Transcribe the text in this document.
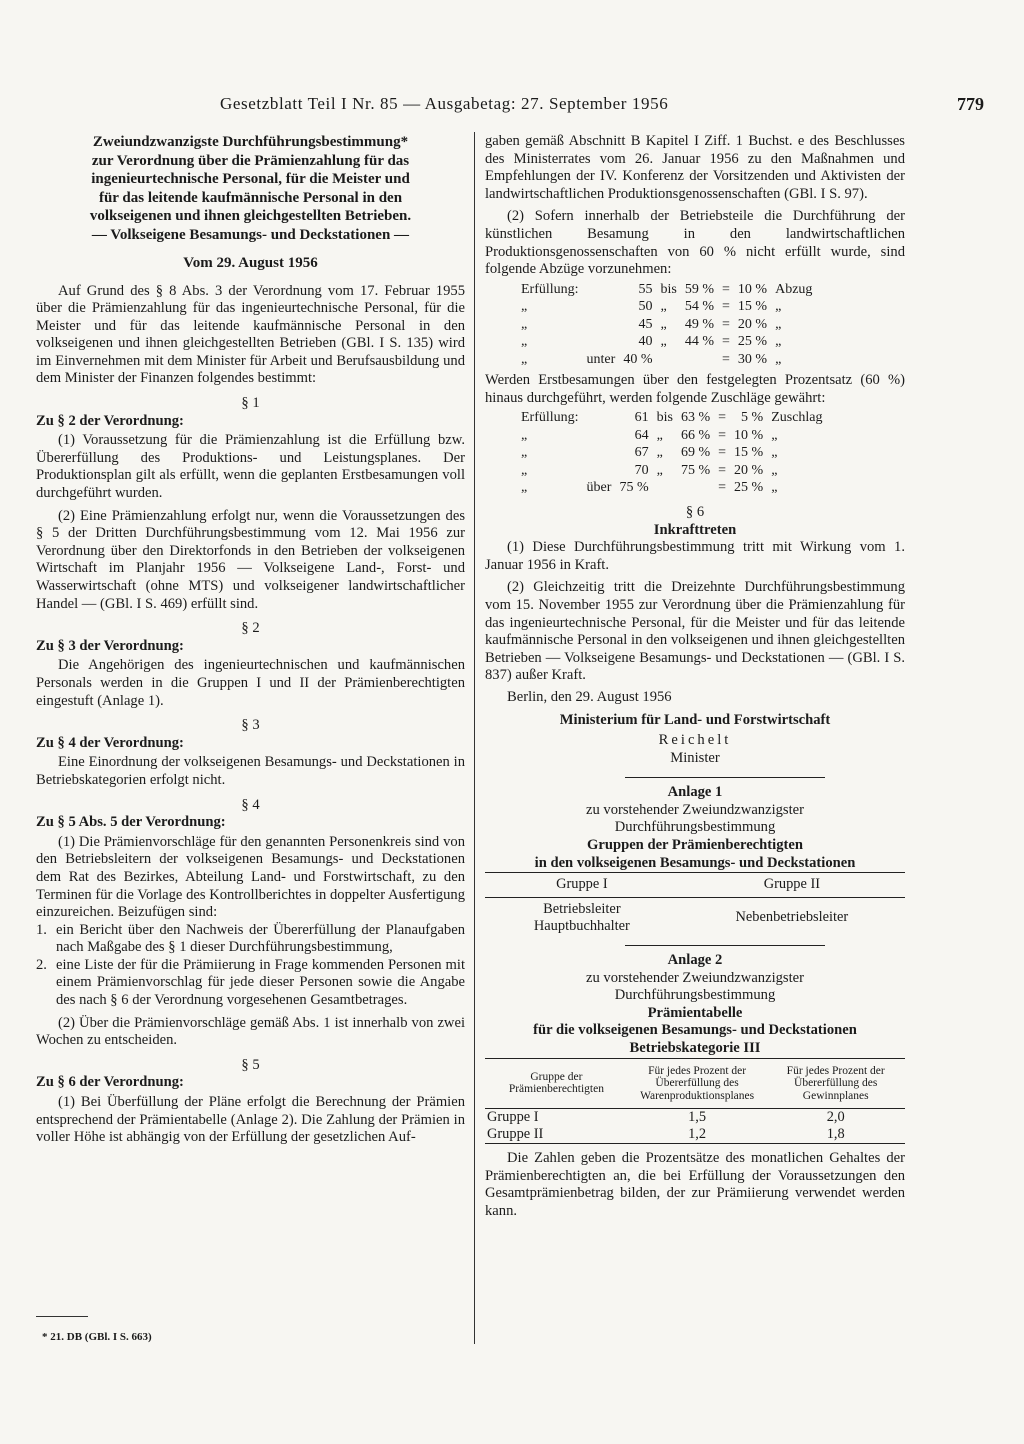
Gesetzblatt Teil I Nr. 85 — Ausgabetag: 27. September 1956	779
Zweiundzwanzigste Durchführungsbestimmung*
zur Verordnung über die Prämienzahlung für das
ingenieurtechnische Personal, für die Meister und
für das leitende kaufmännische Personal in den
volkseigenen und ihnen gleichgestellten Betrieben.
— Volkseigene Besamungs- und Deckstationen —
Vom 29. August 1956

Auf Grund des § 8 Abs. 3 der Verordnung vom 17. Februar 1955 über die Prämienzahlung für das ingenieurtechnische Personal, für die Meister und für das leitende kaufmännische Personal in den volkseigenen und ihnen gleichgestellten Betrieben (GBl. I S. 135) wird im Einvernehmen mit dem Minister für Arbeit und Berufsausbildung und dem Minister der Finanzen folgendes bestimmt:

§ 1
Zu § 2 der Verordnung:

(1) Voraussetzung für die Prämienzahlung ist die Erfüllung bzw. Übererfüllung des Produktions- und Leistungsplanes. Der Produktionsplan gilt als erfüllt, wenn die geplanten Erstbesamungen voll durchgeführt wurden.

(2) Eine Prämienzahlung erfolgt nur, wenn die Voraussetzungen des § 5 der Dritten Durchführungsbestimmung vom 12. Mai 1956 zur Verordnung über den Direktorfonds in den Betrieben der volkseigenen Wirtschaft im Planjahr 1956 — Volkseigene Land-, Forst- und Wasserwirtschaft (ohne MTS) und volkseigener landwirtschaftlicher Handel — (GBl. I S. 469) erfüllt sind.

§ 2
Zu § 3 der Verordnung:

Die Angehörigen des ingenieurtechnischen und kaufmännischen Personals werden in die Gruppen I und II der Prämienberechtigten eingestuft (Anlage 1).

§ 3
Zu § 4 der Verordnung:

Eine Einordnung der volkseigenen Besamungs- und Deckstationen in Betriebskategorien erfolgt nicht.

§ 4
Zu § 5 Abs. 5 der Verordnung:

(1) Die Prämienvorschläge für den genannten Personenkreis sind von den Betriebsleitern der volkseigenen Besamungs- und Deckstationen dem Rat des Bezirkes, Abteilung Land- und Forstwirtschaft, zu den Terminen für die Vorlage des Kontrollberichtes in doppelter Ausfertigung einzureichen. Beizufügen sind:

1. ein Bericht über den Nachweis der Übererfüllung der Planaufgaben nach Maßgabe des § 1 dieser Durchführungsbestimmung,
2. eine Liste der für die Prämiierung in Frage kommenden Personen mit einem Prämienvorschlag für jede dieser Personen sowie die Angabe des nach § 6 der Verordnung vorgesehenen Gesamtbetrages.

(2) Über die Prämienvorschläge gemäß Abs. 1 ist innerhalb von zwei Wochen zu entscheiden.

§ 5
Zu § 6 der Verordnung:

(1) Bei Überfüllung der Pläne erfolgt die Berechnung der Prämien entsprechend der Prämientabelle (Anlage 2). Die Zahlung der Prämien in voller Höhe ist abhängig von der Erfüllung der gesetzlichen Auf-

* 21. DB (GBl. I S. 663)

gaben gemäß Abschnitt B Kapitel I Ziff. 1 Buchst. e des Beschlusses des Ministerrates vom 26. Januar 1956 zu den Maßnahmen und Empfehlungen der IV. Konferenz der Vorsitzenden und Aktivisten der landwirtschaftlichen Produktionsgenossenschaften (GBl. I S. 97).

(2) Sofern innerhalb der Betriebsteile die Durchführung der künstlichen Besamung in den landwirtschaftlichen Produktionsgenossenschaften von 60 % nicht erfüllt wurde, sind folgende Abzüge vorzunehmen:

Erfüllung:		55	bis	59 %	=	10 %	Abzug
„		50	„	54 %	=	15 %	„
„		45	„	49 %	=	20 %	„
„		40	„	44 %	=	25 %	„
„	unter	40 %			=	30 %	„

Werden Erstbesamungen über den festgelegten Prozentsatz (60 %) hinaus durchgeführt, werden folgende Zuschläge gewährt:

Erfüllung:		61	bis	63 %	=	5 %	Zuschlag
„		64	„	66 %	=	10 %	„
„		67	„	69 %	=	15 %	„
„		70	„	75 %	=	20 %	„
„	über	75 %			=	25 %	„
§ 6
Inkrafttreten

(1) Diese Durchführungsbestimmung tritt mit Wirkung vom 1. Januar 1956 in Kraft.

(2) Gleichzeitig tritt die Dreizehnte Durchführungsbestimmung vom 15. November 1955 zur Verordnung über die Prämienzahlung für das ingenieurtechnische Personal, für die Meister und für das leitende kaufmännische Personal in den volkseigenen und ihnen gleichgestellten Betrieben — Volkseigene Besamungs- und Deckstationen — (GBl. I S. 837) außer Kraft.

Berlin, den 29. August 1956

Ministerium für Land- und Forstwirtschaft
Reichelt
Minister
Anlage 1
zu vorstehender Zweiundzwanzigster
Durchführungsbestimmung
Gruppen der Prämienberechtigten
in den volkseigenen Besamungs- und Deckstationen
Gruppe I	Gruppe II

Betriebsleiter
Hauptbuchhalter	Nebenbetriebsleiter
Anlage 2
zu vorstehender Zweiundzwanzigster
Durchführungsbestimmung
Prämientabelle
für die volkseigenen Besamungs- und Deckstationen
Betriebskategorie III
Gruppe der Prämienberechtigten	Für jedes Prozent der Übererfüllung des Warenproduktionsplanes	Für jedes Prozent der Übererfüllung des Gewinnplanes
Gruppe I	1,5	2,0
Gruppe II	1,2	1,8

Die Zahlen geben die Prozentsätze des monatlichen Gehaltes der Prämienberechtigten an, die bei Erfüllung der Voraussetzungen den Gesamtprämienbetrag bilden, der zur Prämiierung verwendet werden kann.
